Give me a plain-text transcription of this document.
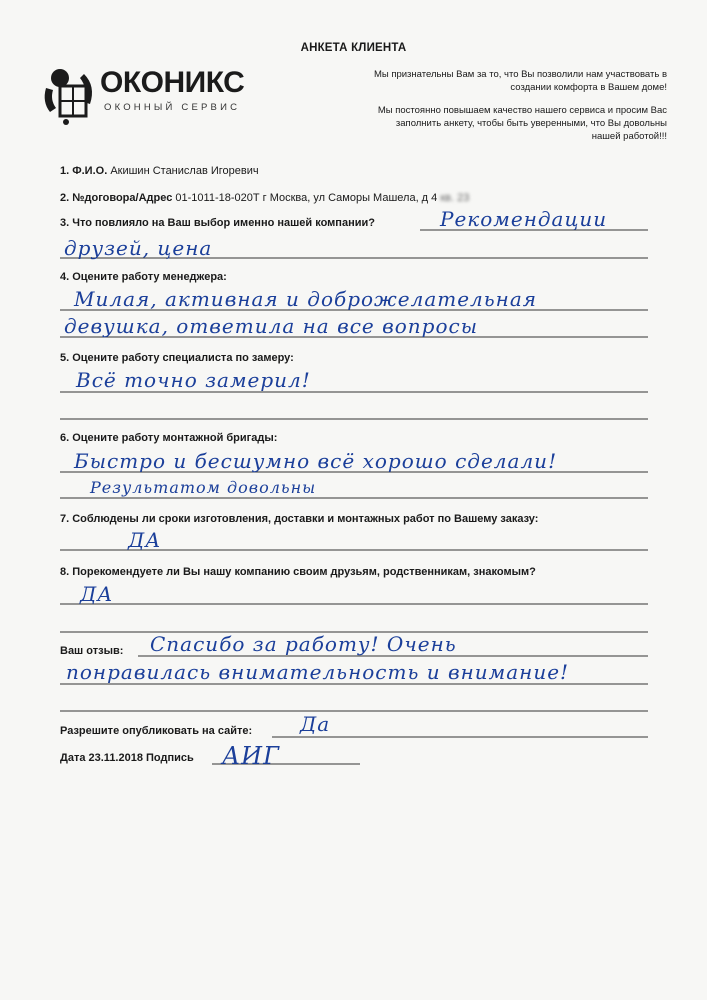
АНКЕТА КЛИЕНТА
ОКОНИКС
ОКОННЫЙ СЕРВИС

Мы признательны Вам за то, что Вы позволили нам участвовать в создании комфорта в Вашем доме!

Мы постоянно повышаем качество нашего сервиса и просим Вас заполнить анкету, чтобы быть уверенными, что Вы довольны нашей работой!!!

1. Ф.И.О. Акишин Станислав Игоревич
2. №договора/Адрес 01-1011-18-020Т г Москва, ул Саморы Машела, д 4 кв. 23
3. Что повлияло на Ваш выбор именно нашей компании?	Рекомендации
друзей, цена
4. Оцените работу менеджера:
Милая, активная и доброжелательная
девушка, ответила на все вопросы
5. Оцените работу специалиста по замеру:
Всё точно замерил!
6. Оцените работу монтажной бригады:
Быстро и бесшумно всё хорошо сделали!
Результатом довольны
7. Соблюдены ли сроки изготовления, доставки и монтажных работ по Вашему заказу:
ДА
8. Порекомендуете ли Вы нашу компанию своим друзьям, родственникам, знакомым?
ДА
Ваш отзыв: Спасибо за работу! Очень
понравилась внимательность и внимание!
Разрешите опубликовать на сайте: Да
Дата 23.11.2018 Подпись АИГ
